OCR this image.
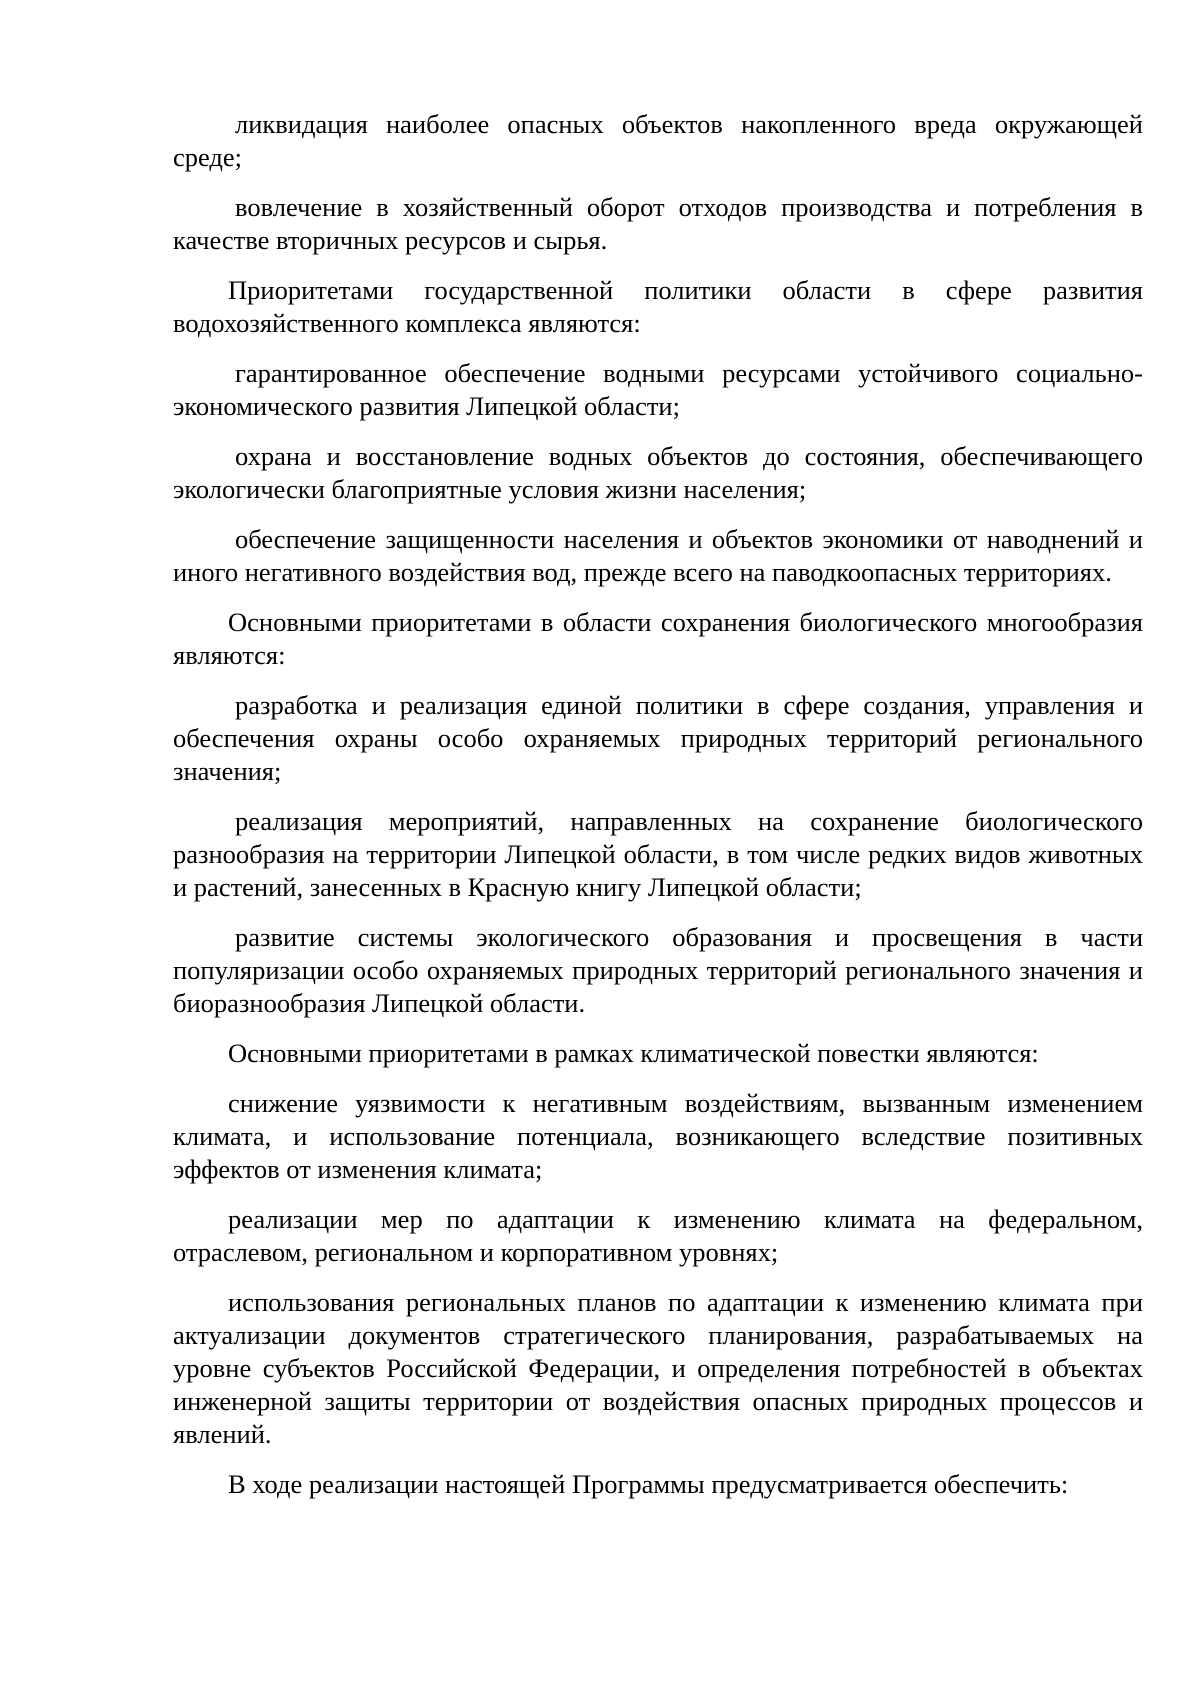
ликвидация наиболее опасных объектов накопленного вреда окружающей среде;

вовлечение в хозяйственный оборот отходов производства и потребления в качестве вторичных ресурсов и сырья.

Приоритетами государственной политики области в сфере развития водохозяйственного комплекса являются:

гарантированное обеспечение водными ресурсами устойчивого социально-экономического развития Липецкой области;

охрана и восстановление водных объектов до состояния, обеспечивающего экологически благоприятные условия жизни населения;

обеспечение защищенности населения и объектов экономики от наводнений и иного негативного воздействия вод, прежде всего на паводкоопасных территориях.

Основными приоритетами в области сохранения биологического многообразия являются:

разработка и реализация единой политики в сфере создания, управления и обеспечения охраны особо охраняемых природных территорий регионального значения;

реализация мероприятий, направленных на сохранение биологического разнообразия на территории Липецкой области, в том числе редких видов животных и растений, занесенных в Красную книгу Липецкой области;

развитие системы экологического образования и просвещения в части популяризации особо охраняемых природных территорий регионального значения и биоразнообразия Липецкой области.

Основными приоритетами в рамках климатической повестки являются:

снижение уязвимости к негативным воздействиям, вызванным изменением климата, и использование потенциала, возникающего вследствие позитивных эффектов от изменения климата;

реализации мер по адаптации к изменению климата на федеральном, отраслевом, региональном и корпоративном уровнях;

использования региональных планов по адаптации к изменению климата при актуализации документов стратегического планирования, разрабатываемых на уровне субъектов Российской Федерации, и определения потребностей в объектах инженерной защиты территории от воздействия опасных природных процессов и явлений.

В ходе реализации настоящей Программы предусматривается обеспечить:
